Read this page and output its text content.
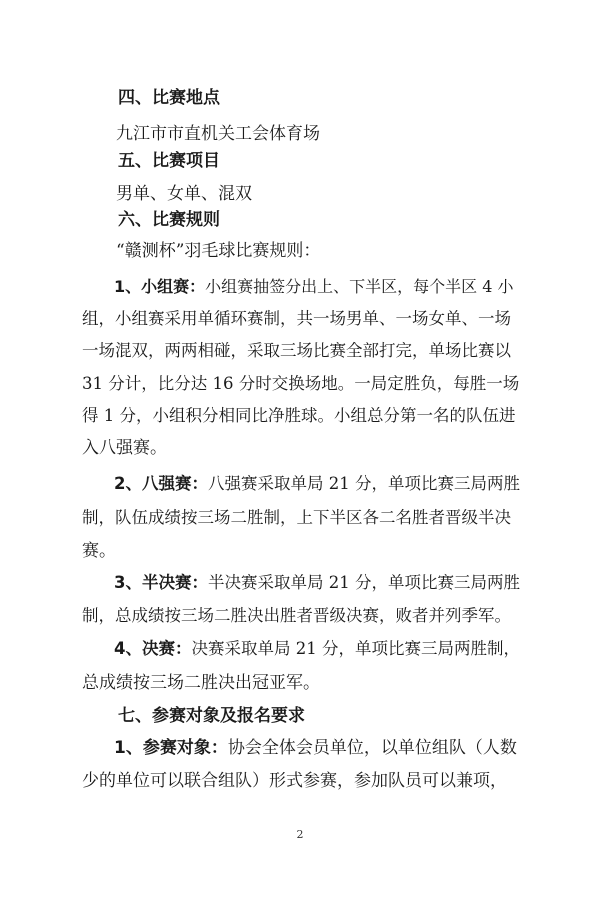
四、比赛地点
九江市市直机关工会体育场
五、比赛项目
男单、女单、混双
六、比赛规则
“赣测杯”羽毛球比赛规则：
1、小组赛：小组赛抽签分出上、下半区，每个半区 4 小
组，小组赛采用单循环赛制，共一场男单、一场女单、一场
一场混双，两两相碰，采取三场比赛全部打完，单场比赛以
31 分计，比分达 16 分时交换场地。一局定胜负，每胜一场
得 1 分，小组积分相同比净胜球。小组总分第一名的队伍进
入八强赛。
2、八强赛：八强赛采取单局 21 分，单项比赛三局两胜
制，队伍成绩按三场二胜制，上下半区各二名胜者晋级半决
赛。
3、半决赛：半决赛采取单局 21 分，单项比赛三局两胜
制，总成绩按三场二胜决出胜者晋级决赛，败者并列季军。
4、决赛：决赛采取单局 21 分，单项比赛三局两胜制，
总成绩按三场二胜决出冠亚军。
七、参赛对象及报名要求
1、参赛对象：协会全体会员单位，以单位组队（人数
少的单位可以联合组队）形式参赛，参加队员可以兼项，
2
